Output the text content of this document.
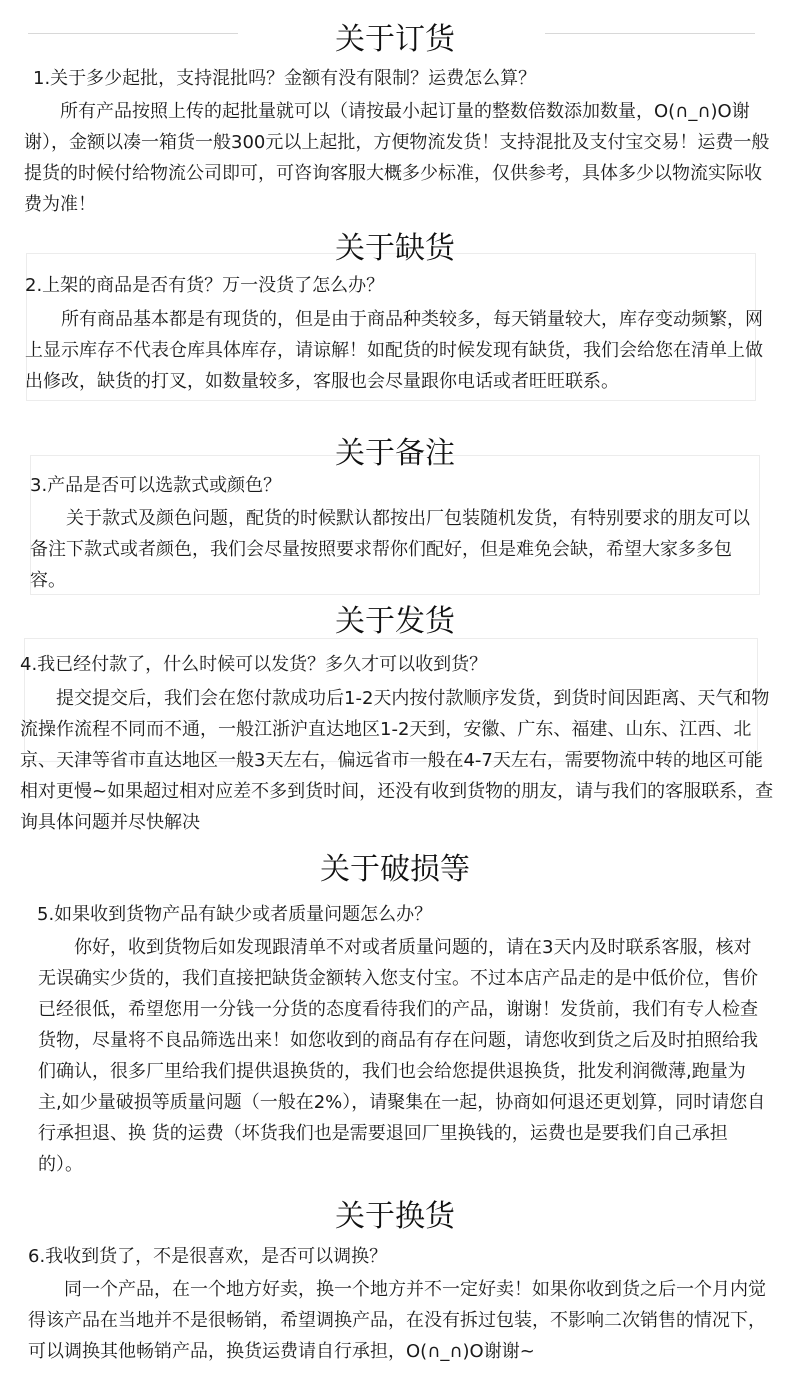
关于订货

1.关于多少起批，支持混批吗？金额有没有限制？运费怎么算？

所有产品按照上传的起批量就可以（请按最小起订量的整数倍数添加数量，O(∩_∩)O谢谢），金额以凑一箱货一般300元以上起批，方便物流发货！支持混批及支付宝交易！运费一般提货的时候付给物流公司即可，可咨询客服大概多少标准，仅供参考，具体多少以物流实际收费为准！

关于缺货

2.上架的商品是否有货？万一没货了怎么办？

所有商品基本都是有现货的，但是由于商品种类较多，每天销量较大，库存变动频繁，网上显示库存不代表仓库具体库存，请谅解！如配货的时候发现有缺货，我们会给您在清单上做出修改，缺货的打叉，如数量较多，客服也会尽量跟你电话或者旺旺联系。

关于备注

3.产品是否可以选款式或颜色？

关于款式及颜色问题，配货的时候默认都按出厂包装随机发货，有特别要求的朋友可以备注下款式或者颜色，我们会尽量按照要求帮你们配好，但是难免会缺，希望大家多多包容。

关于发货

4.我已经付款了，什么时候可以发货？多久才可以收到货？

提交提交后，我们会在您付款成功后1-2天内按付款顺序发货，到货时间因距离、天气和物流操作流程不同而不通，一般江浙沪直达地区1-2天到，安徽、广东、福建、山东、江西、北京、天津等省市直达地区一般3天左右，偏远省市一般在4-7天左右，需要物流中转的地区可能相对更慢~如果超过相对应差不多到货时间，还没有收到货物的朋友，请与我们的客服联系，查询具体问题并尽快解决

关于破损等

5.如果收到货物产品有缺少或者质量问题怎么办？

你好，收到货物后如发现跟清单不对或者质量问题的，请在3天内及时联系客服，核对无误确实少货的，我们直接把缺货金额转入您支付宝。不过本店产品走的是中低价位，售价已经很低，希望您用一分钱一分货的态度看待我们的产品，谢谢！发货前，我们有专人检查货物，尽量将不良品筛选出来！如您收到的商品有存在问题，请您收到货之后及时拍照给我们确认，很多厂里给我们提供退换货的，我们也会给您提供退换货，批发利润微薄,跑量为主,如少量破损等质量问题（一般在2%），请聚集在一起，协商如何退还更划算，同时请您自行承担退、换 货的运费（坏货我们也是需要退回厂里换钱的，运费也是要我们自己承担的）。

关于换货

6.我收到货了，不是很喜欢，是否可以调换？

同一个产品，在一个地方好卖，换一个地方并不一定好卖！如果你收到货之后一个月内觉得该产品在当地并不是很畅销，希望调换产品，在没有拆过包装，不影响二次销售的情况下，可以调换其他畅销产品，换货运费请自行承担，O(∩_∩)O谢谢~
